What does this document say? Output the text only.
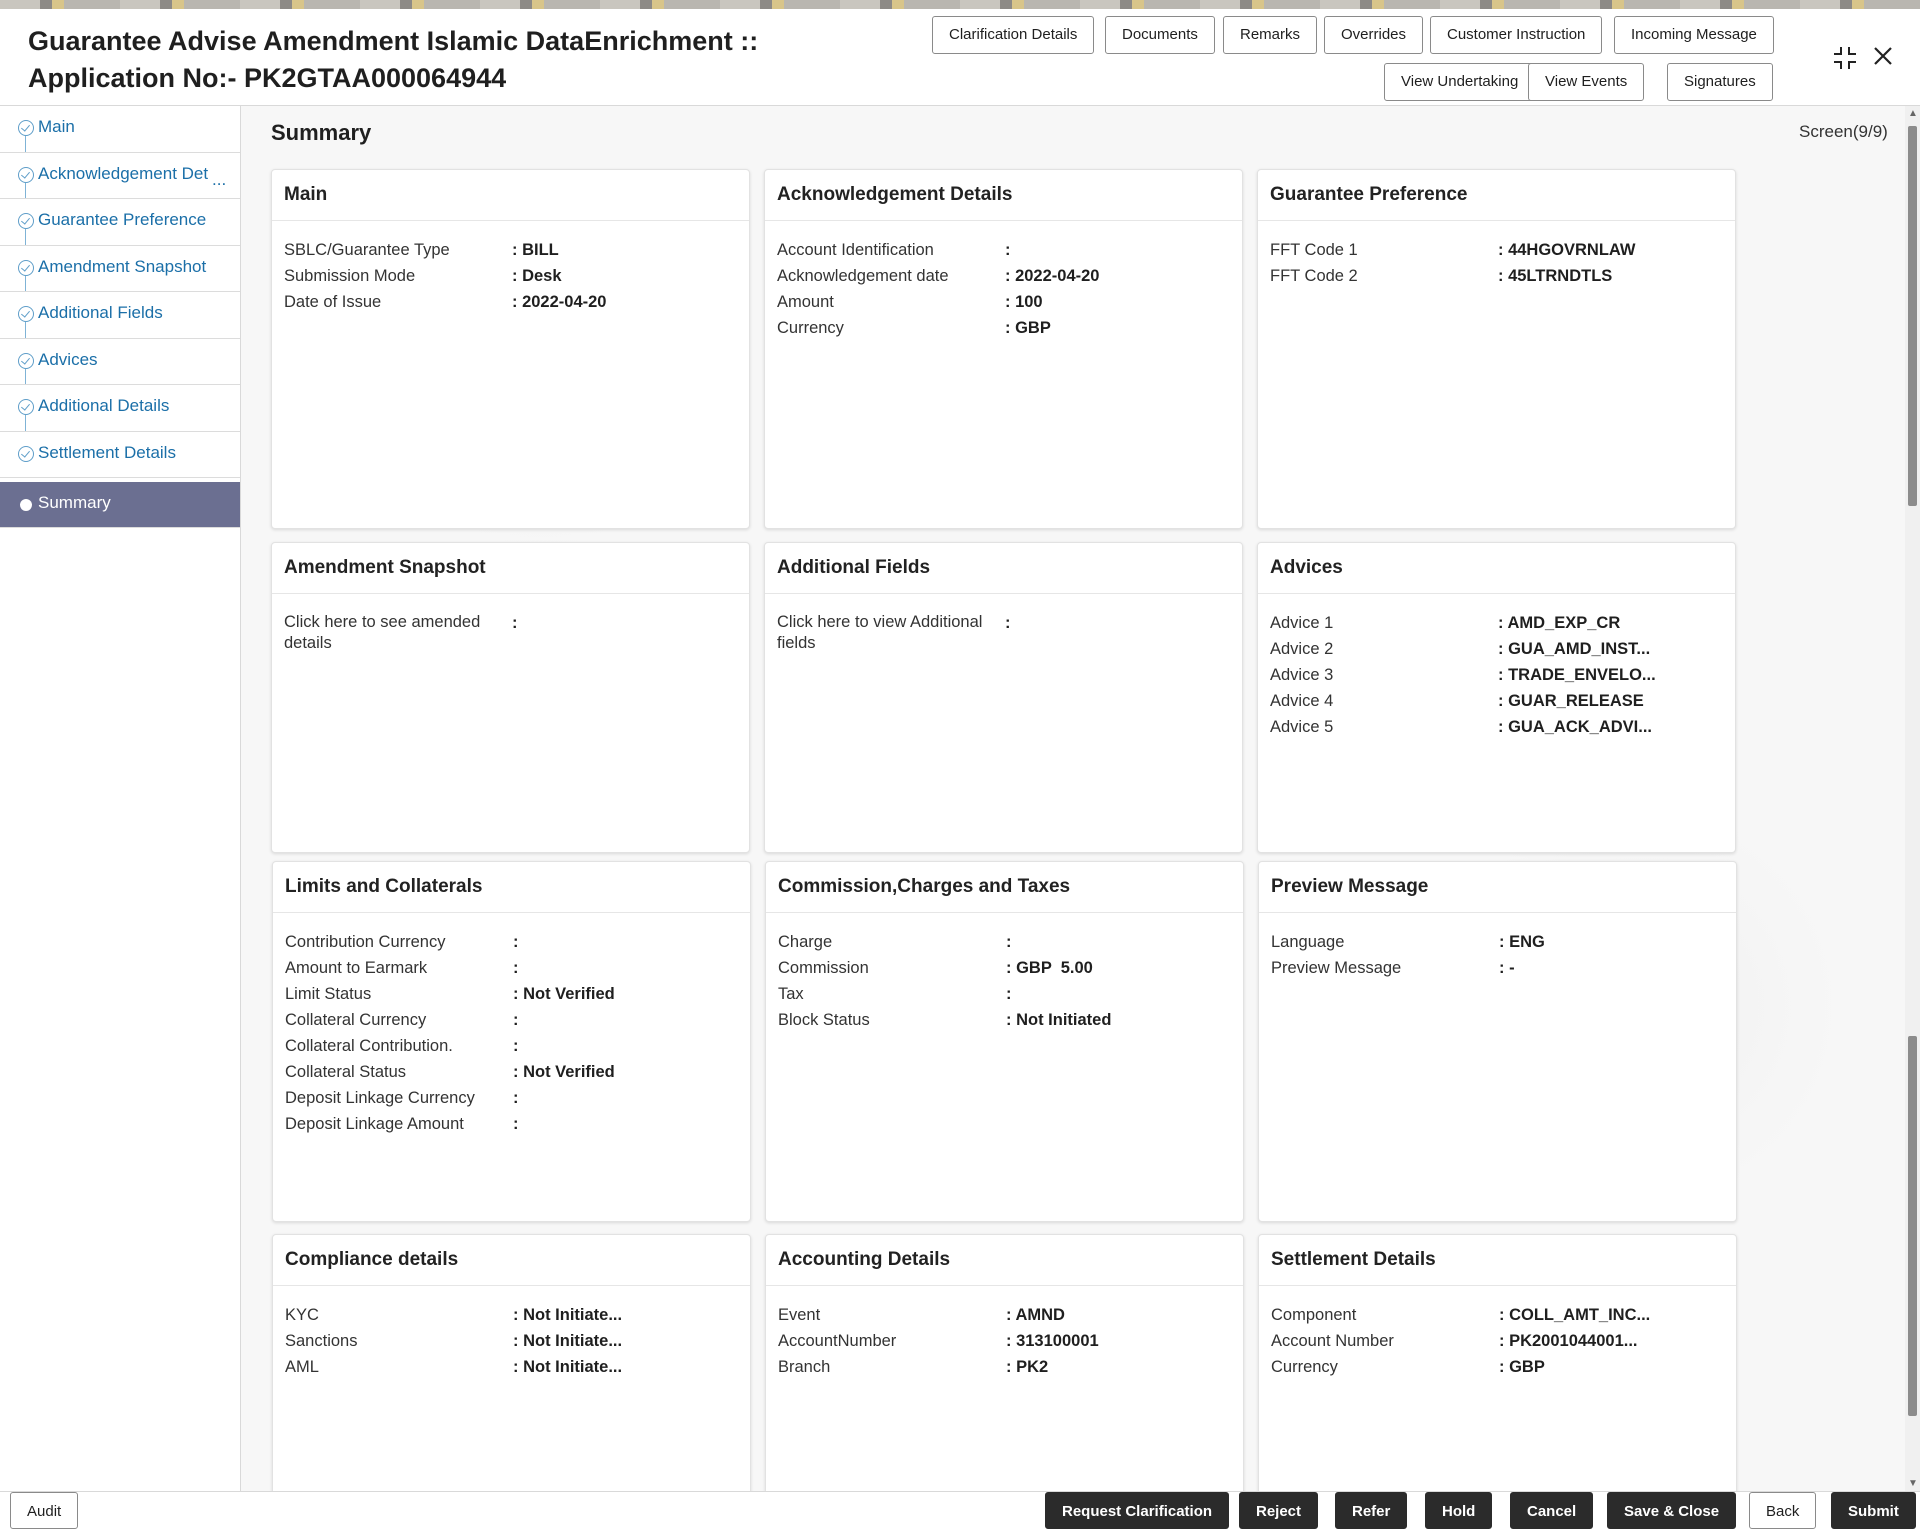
Guarantee Advise Amendment Islamic DataEnrichment ::
Application No:- PK2GTAA000064944
Clarification Details	Documents	Remarks	Overrides	Customer Instruction	Incoming Message
View Undertaking	View Events	Signatures
Main
Acknowledgement Det ...
Guarantee Preference
Amendment Snapshot
Additional Fields
Advices
Additional Details
Settlement Details
Summary
Summary	Screen(9/9)
Main
SBLC/Guarantee Type	: BILL
Submission Mode	: Desk
Date of Issue	: 2022-04-20
Acknowledgement Details
Account Identification	:
Acknowledgement date	: 2022-04-20
Amount	: 100
Currency	: GBP
Guarantee Preference
FFT Code 1	: 44HGOVRNLAW
FFT Code 2	: 45LTRNDTLS
Amendment Snapshot
Click here to see amended details
:
Additional Fields
Click here to view Additional fields
:
Advices
Advice 1	: AMD_EXP_CR
Advice 2	: GUA_AMD_INST...
Advice 3	: TRADE_ENVELO...
Advice 4	: GUAR_RELEASE
Advice 5	: GUA_ACK_ADVI...
Limits and Collaterals
Contribution Currency	:
Amount to Earmark	:
Limit Status	: Not Verified
Collateral Currency	:
Collateral Contribution.	:
Collateral Status	: Not Verified
Deposit Linkage Currency	:
Deposit Linkage Amount	:
Commission,Charges and Taxes
Charge	:
Commission	: GBP  5.00
Tax	:
Block Status	: Not Initiated
Preview Message
Language	: ENG
Preview Message	: -
Compliance details
KYC	: Not Initiate...
Sanctions	: Not Initiate...
AML	: Not Initiate...
Accounting Details
Event	: AMND
AccountNumber	: 313100001
Branch	: PK2
Settlement Details
Component	: COLL_AMT_INC...
Account Number	: PK2001044001...
Currency	: GBP
▲
▼
Audit	Request Clarification	Reject	Refer	Hold	Cancel	Save & Close	Back	Submit
